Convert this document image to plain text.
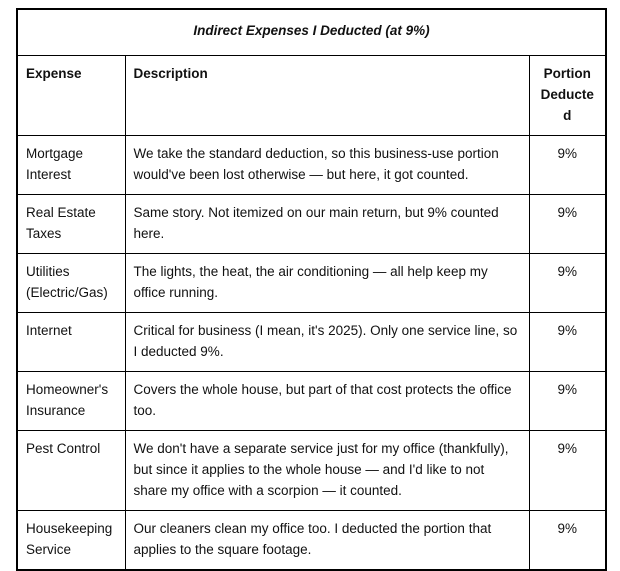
Indirect Expenses I Deducted (at 9%)		
Expense	Description	Portion Deducted
Mortgage Interest	We take the standard deduction, so this business-use portion would've been lost otherwise — but here, it got counted.	9%
Real Estate Taxes	Same story. Not itemized on our main return, but 9% counted here.	9%
Utilities (Electric/Gas)	The lights, the heat, the air conditioning — all help keep my office running.	9%
Internet	Critical for business (I mean, it's 2025). Only one service line, so I deducted 9%.	9%
Homeowner's Insurance	Covers the whole house, but part of that cost protects the office too.	9%
Pest Control	We don't have a separate service just for my office (thankfully), but since it applies to the whole house — and I'd like to not share my office with a scorpion — it counted.	9%
Housekeeping Service	Our cleaners clean my office too. I deducted the portion that applies to the square footage.	9%
